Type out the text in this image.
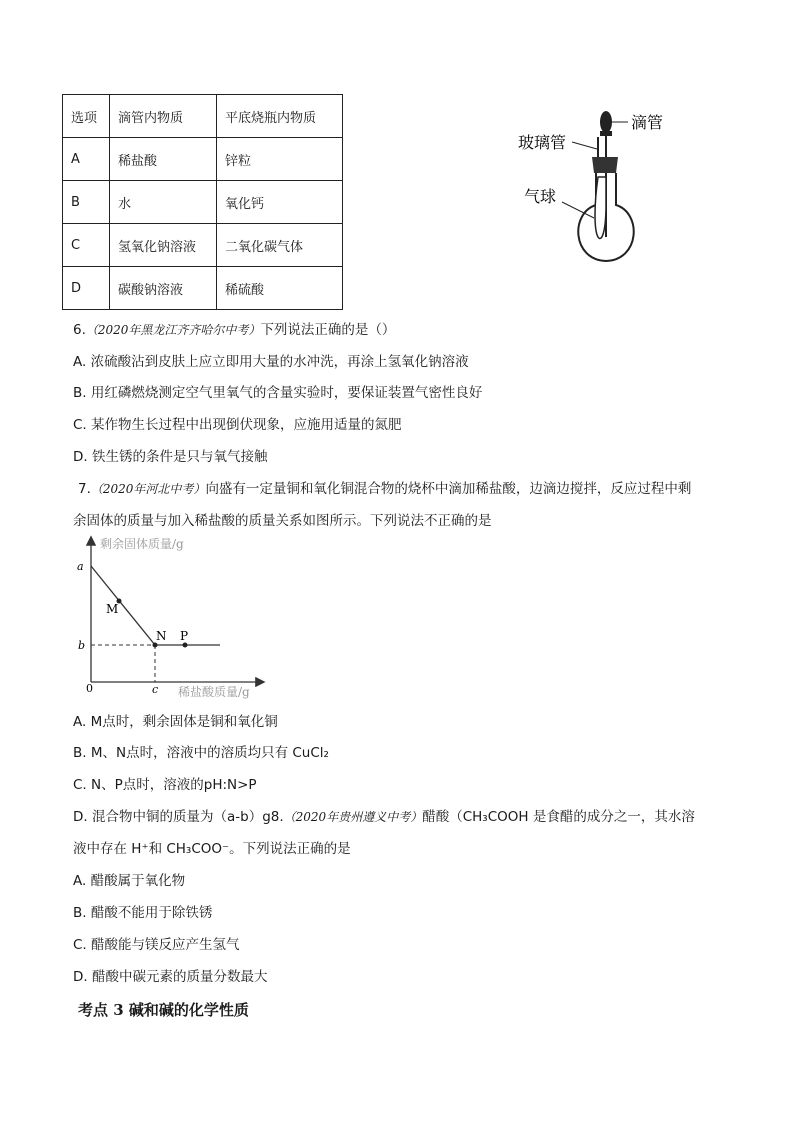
选项	滴管内物质	平底烧瓶内物质
A	稀盐酸	锌粒
B	水	氧化钙
C	氢氧化钠溶液	二氧化碳气体
D	碳酸钠溶液	稀硫酸
滴管
玻璃管
气球
6.（2020年黑龙江齐齐哈尔中考）下列说法正确的是（）
A. 浓硫酸沾到皮肤上应立即用大量的水冲洗，再涂上氢氧化钠溶液
B. 用红磷燃烧测定空气里氧气的含量实验时，要保证装置气密性良好
C. 某作物生长过程中出现倒伏现象，应施用适量的氮肥
D. 铁生锈的条件是只与氧气接触
7.（2020年河北中考）向盛有一定量铜和氧化铜混合物的烧杯中滴加稀盐酸，边滴边搅拌，反应过程中剩
余固体的质量与加入稀盐酸的质量关系如图所示。下列说法不正确的是
剩余固体质量/g
稀盐酸质量/g
0
a
b
c
M
N P
A. M点时，剩余固体是铜和氧化铜
B. M、N点时，溶液中的溶质均只有 CuCl₂
C. N、P点时，溶液的pH:N>P
D. 混合物中铜的质量为（a-b）g8.（2020年贵州遵义中考）醋酸（CH₃COOH 是食醋的成分之一，其水溶
液中存在 H⁺和 CH₃COO⁻。下列说法正确的是
A. 醋酸属于氧化物
B. 醋酸不能用于除铁锈
C. 醋酸能与镁反应产生氢气
D. 醋酸中碳元素的质量分数最大
考点 3 碱和碱的化学性质
